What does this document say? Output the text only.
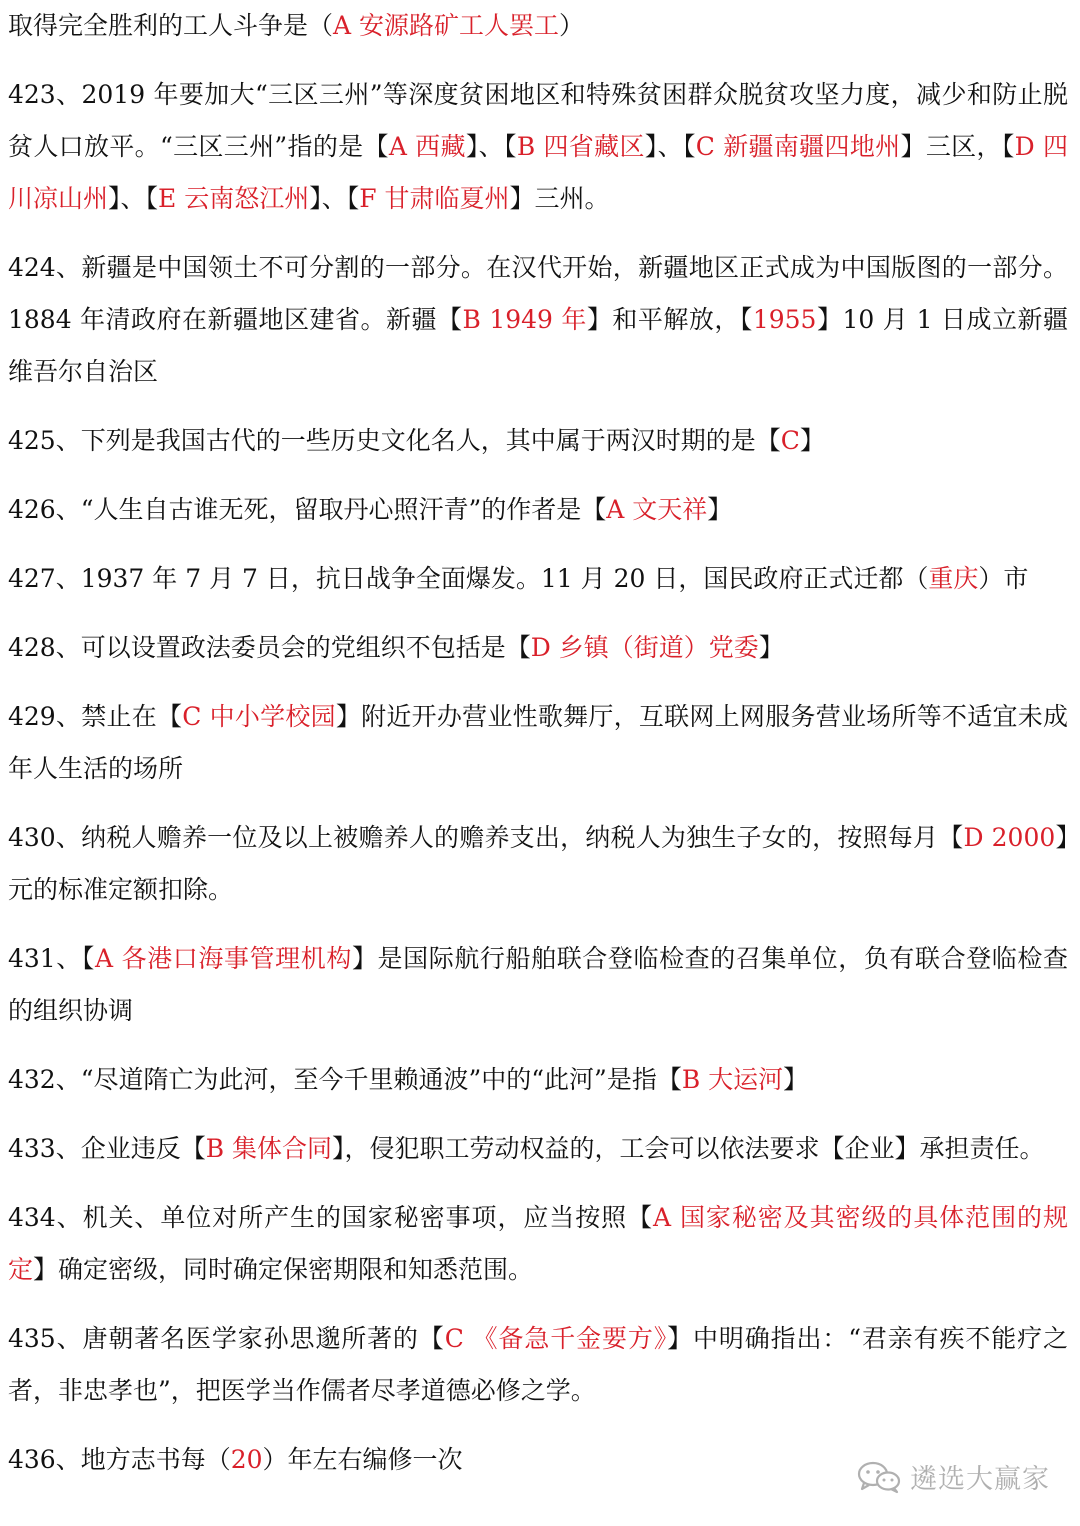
取得完全胜利的工人斗争是（A 安源路矿工人罢工）

423、2019 年要加大“三区三州”等深度贫困地区和特殊贫困群众脱贫攻坚力度，减少和防止脱贫人口放平。“三区三州”指的是【A 西藏】、【B 四省藏区】、【C 新疆南疆四地州】三区，【D 四川凉山州】、【E 云南怒江州】、【F 甘肃临夏州】三州。

424、新疆是中国领土不可分割的一部分。在汉代开始，新疆地区正式成为中国版图的一部分。1884 年清政府在新疆地区建省。新疆【B 1949 年】和平解放，【1955】10 月 1 日成立新疆维吾尔自治区

425、下列是我国古代的一些历史文化名人，其中属于两汉时期的是【C】

426、“人生自古谁无死，留取丹心照汗青”的作者是【A 文天祥】

427、1937 年 7 月 7 日，抗日战争全面爆发。11 月 20 日，国民政府正式迁都（重庆）市

428、可以设置政法委员会的党组织不包括是【D 乡镇（街道）党委】

429、禁止在【C 中小学校园】附近开办营业性歌舞厅，互联网上网服务营业场所等不适宜未成年人生活的场所

430、纳税人赡养一位及以上被赡养人的赡养支出，纳税人为独生子女的，按照每月【D 2000】元的标准定额扣除。

431、【A 各港口海事管理机构】是国际航行船舶联合登临检查的召集单位，负有联合登临检查的组织协调

432、“尽道隋亡为此河，至今千里赖通波”中的“此河”是指【B 大运河】

433、企业违反【B 集体合同】，侵犯职工劳动权益的，工会可以依法要求【企业】承担责任。

434、机关、单位对所产生的国家秘密事项，应当按照【A 国家秘密及其密级的具体范围的规定】确定密级，同时确定保密期限和知悉范围。

435、唐朝著名医学家孙思邈所著的【C 《备急千金要方》】中明确指出：“君亲有疾不能疗之者，非忠孝也”，把医学当作儒者尽孝道德必修之学。

436、地方志书每（20）年左右编修一次

遴选大赢家
